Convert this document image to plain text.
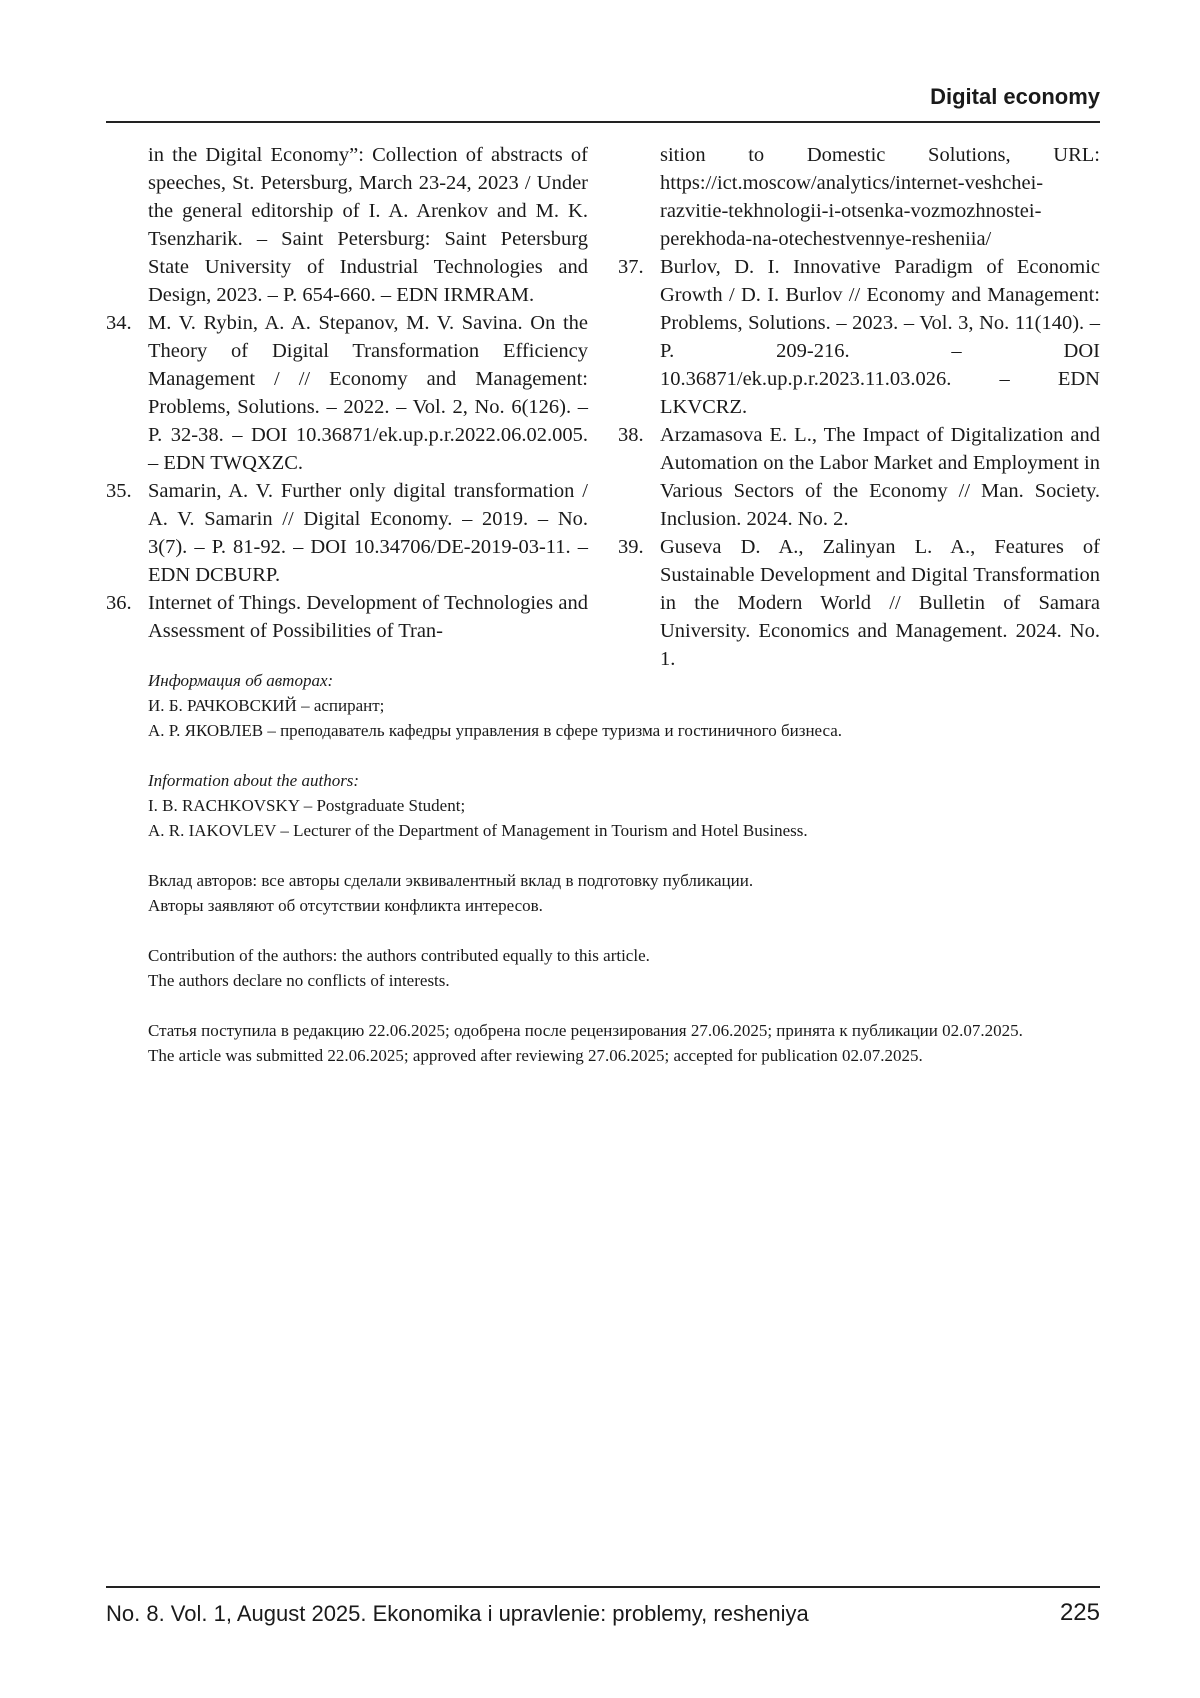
Digital economy
in the Digital Economy”: Collection of abstracts of speeches, St. Petersburg, March 23-24, 2023 / Under the general editorship of I. A. Arenkov and M. K. Tsenzharik. – Saint Petersburg: Saint Petersburg State University of Industrial Technologies and Design, 2023. – P. 654-660. – EDN IRMRAM.
34. M. V. Rybin, A. A. Stepanov, M. V. Savina. On the Theory of Digital Transformation Efficiency Management / // Economy and Management: Problems, Solutions. – 2022. – Vol. 2, No. 6(126). – P. 32-38. – DOI 10.36871/ek.up.p.r.2022.06.02.005. – EDN TWQXZC.
35. Samarin, A. V. Further only digital transformation / A. V. Samarin // Digital Economy. – 2019. – No. 3(7). – P. 81-92. – DOI 10.34706/DE-2019-03-11. – EDN DCBURP.
36. Internet of Things. Development of Technologies and Assessment of Possibilities of Tran-
sition to Domestic Solutions, URL: https://ict.moscow/analytics/internet-veshchei-razvitie-tekhnologii-i-otsenka-vozmozhnostei-perekhoda-na-otechestvennye-resheniia/
37. Burlov, D. I. Innovative Paradigm of Economic Growth / D. I. Burlov // Economy and Management: Problems, Solutions. – 2023. – Vol. 3, No. 11(140). – P. 209-216. – DOI 10.36871/ek.up.p.r.2023.11.03.026. – EDN LKVCRZ.
38. Arzamasova E. L., The Impact of Digitalization and Automation on the Labor Market and Employment in Various Sectors of the Economy // Man. Society. Inclusion. 2024. No. 2.
39. Guseva D. A., Zalinyan L. A., Features of Sustainable Development and Digital Transformation in the Modern World // Bulletin of Samara University. Economics and Management. 2024. No. 1.
Информация об авторах:
И. Б. РАЧКОВСКИЙ – аспирант;
А. Р. ЯКОВЛЕВ – преподаватель кафедры управления в сфере туризма и гостиничного бизнеса.
Information about the authors:
I. B. RACHKOVSKY – Postgraduate Student;
A. R. IAKOVLEV – Lecturer of the Department of Management in Tourism and Hotel Business.
Вклад авторов: все авторы сделали эквивалентный вклад в подготовку публикации.
Авторы заявляют об отсутствии конфликта интересов.
Contribution of the authors: the authors contributed equally to this article.
The authors declare no conflicts of interests.
Статья поступила в редакцию 22.06.2025; одобрена после рецензирования 27.06.2025; принята к публикации 02.07.2025.
The article was submitted 22.06.2025; approved after reviewing 27.06.2025; accepted for publication 02.07.2025.
No. 8. Vol. 1, August 2025. Ekonomika i upravlenie: problemy, resheniya	225
